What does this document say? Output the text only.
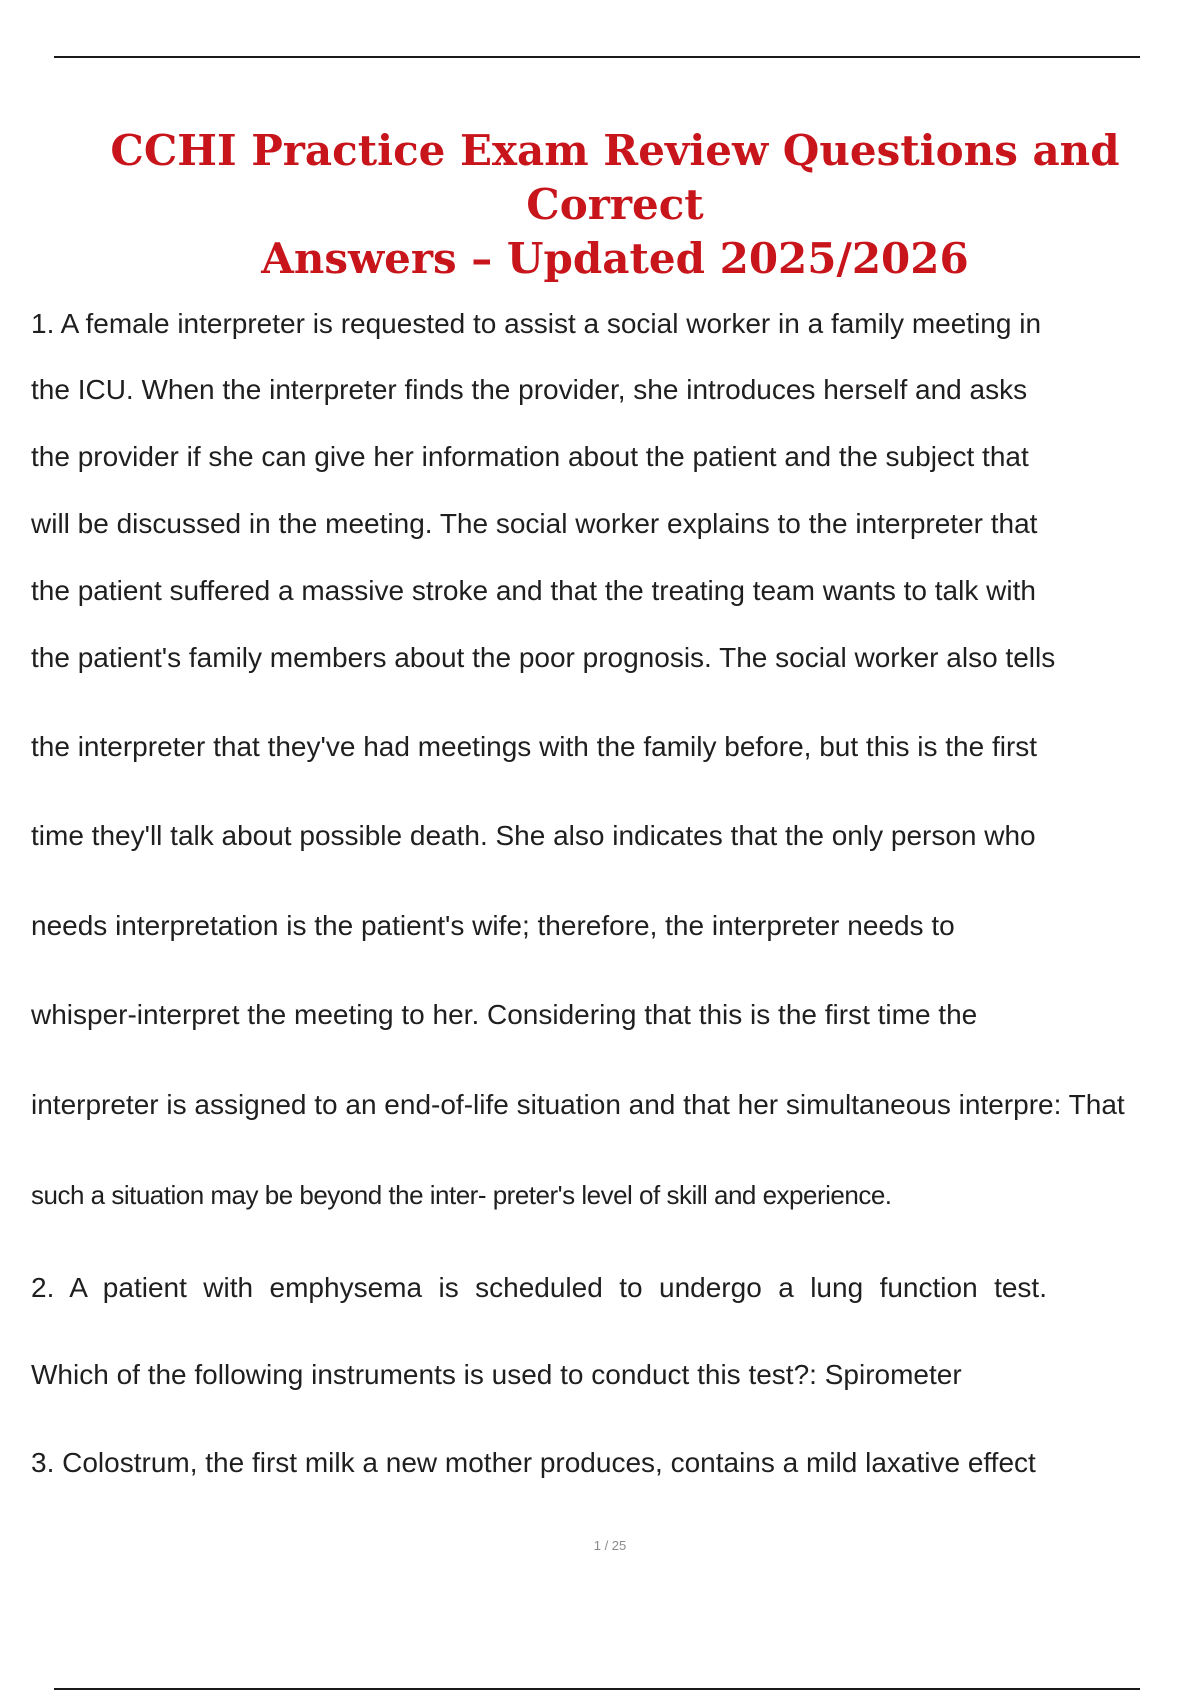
CCHI Practice Exam Review Questions and Correct
Answers – Updated 2025/2026

1. A female interpreter is requested to assist a social worker in a family meeting in

the ICU. When the interpreter finds the provider, she introduces herself and asks

the provider if she can give her information about the patient and the subject that

will be discussed in the meeting. The social worker explains to the interpreter that

the patient suffered a massive stroke and that the treating team wants to talk with

the patient's family members about the poor prognosis. The social worker also tells

the interpreter that they've had meetings with the family before, but this is the first

time they'll talk about possible death. She also indicates that the only person who

needs interpretation is the patient's wife; therefore, the interpreter needs to

whisper-interpret the meeting to her. Considering that this is the first time the

interpreter is assigned to an end-of-life situation and that her simultaneous interpre: That

such a situation may be beyond the inter- preter's level of skill and experience.

2. A patient with emphysema is scheduled to undergo a lung function test.

Which of the following instruments is used to conduct this test?: Spirometer

3. Colostrum, the first milk a new mother produces, contains a mild laxative effect

1 / 25
